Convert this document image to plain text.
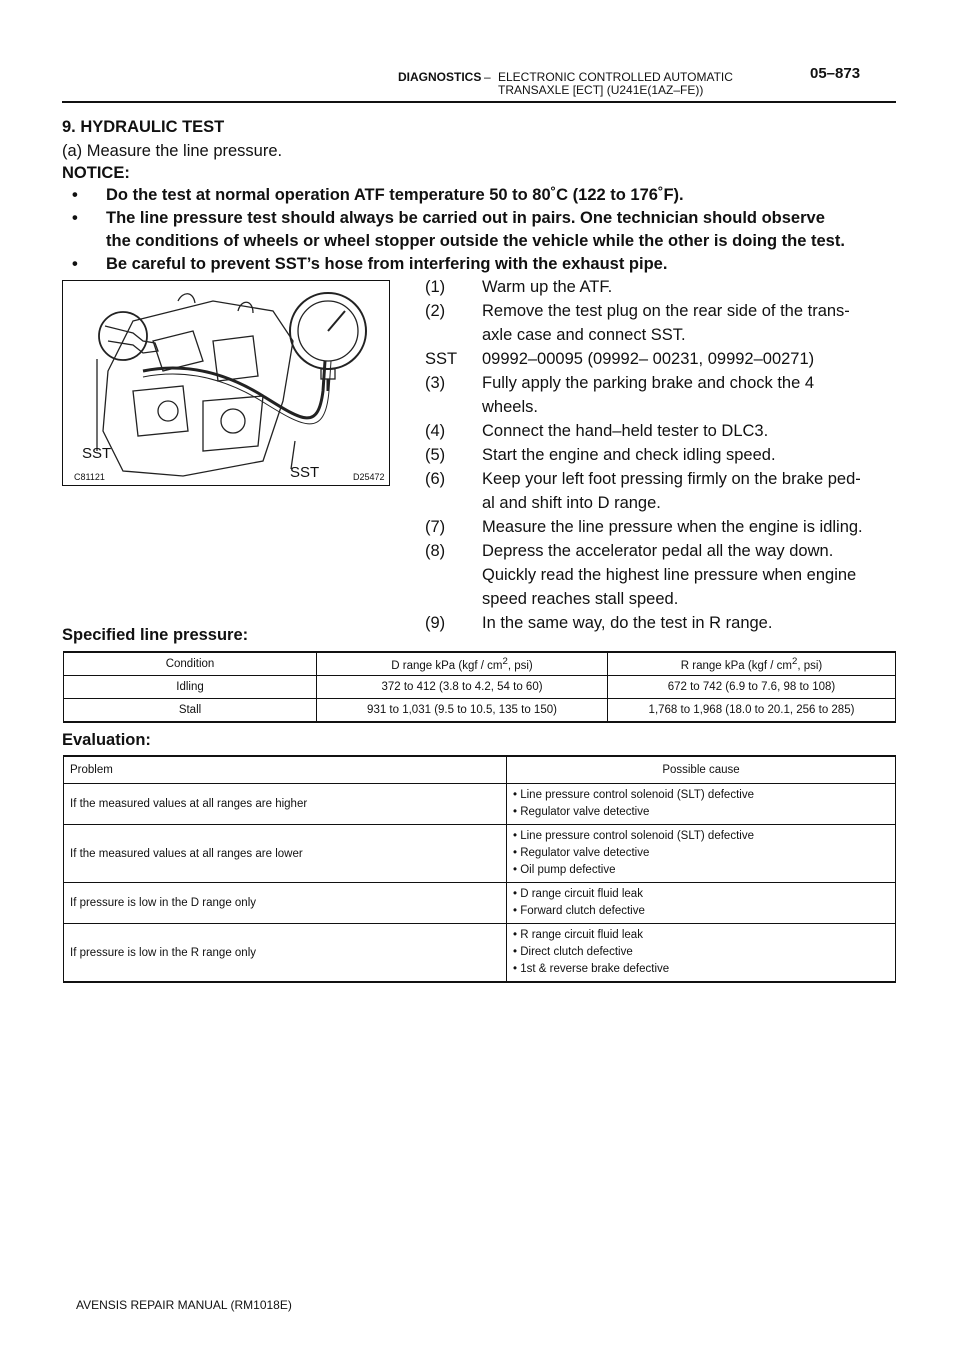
DIAGNOSTICS – ELECTRONIC CONTROLLED AUTOMATIC
TRANSAXLE [ECT] (U241E(1AZ–FE))
05–873
9. HYDRAULIC TEST
(a) Measure the line pressure.
NOTICE:
• Do the test at normal operation ATF temperature 50 to 80˚C (122 to 176˚F).
• The line pressure test should always be carried out in pairs. One technician should observe
the conditions of wheels or wheel stopper outside the vehicle while the other is doing the test.
• Be careful to prevent SST’s hose from interfering with the exhaust pipe.
SST
SST
C81121	D25472
(1) Warm up the ATF.
(2) Remove the test plug on the rear side of the trans-
axle case and connect SST.
SST 09992–00095 (09992– 00231, 09992–00271)
(3) Fully apply the parking brake and chock the 4
wheels.
(4) Connect the hand–held tester to DLC3.
(5) Start the engine and check idling speed.
(6) Keep your left foot pressing firmly on the brake ped-
al and shift into D range.
(7) Measure the line pressure when the engine is idling.
(8) Depress the accelerator pedal all the way down.
Quickly read the highest line pressure when engine
speed reaches stall speed.
(9) In the same way, do the test in R range.
Specified line pressure:
Condition	D range kPa ($kgf / cm^2$, psi)	R range kPa ($kgf / cm^2$, psi)
Idling	372 to 412 (3.8 to 4.2, 54 to 60)	672 to 742 (6.9 to 7.6, 98 to 108)
Stall	931 to 1,031 (9.5 to 10.5, 135 to 150)	1,768 to 1,968 (18.0 to 20.1, 256 to 285)
Evaluation:
Problem	Possible cause
If the measured values at all ranges are higher	• Line pressure control solenoid (SLT) defective
• Regulator valve detective

If the measured values at all ranges are lower	• Line pressure control solenoid (SLT) defective
• Regulator valve detective
• Oil pump defective

If pressure is low in the D range only	• D range circuit fluid leak
• Forward clutch defective

If pressure is low in the R range only	• R range circuit fluid leak
• Direct clutch defective
• 1st & reverse brake defective
AVENSIS REPAIR MANUAL (RM1018E)
